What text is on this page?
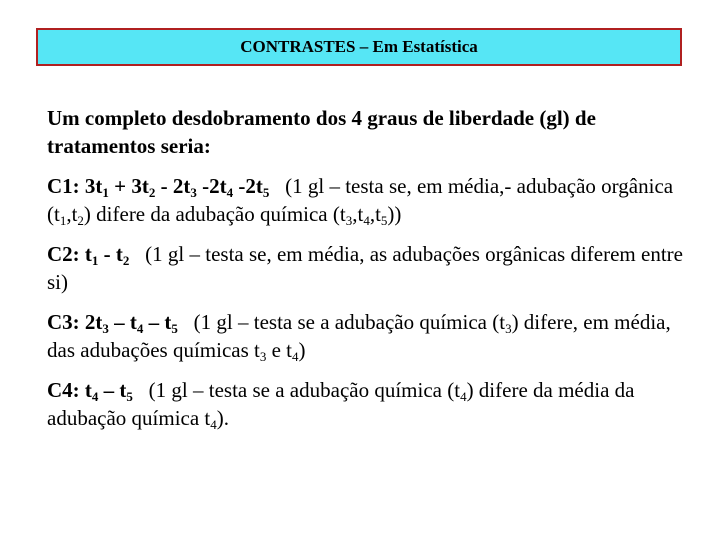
CONTRASTES – Em Estatística

Um completo desdobramento dos 4 graus de liberdade (gl) de tratamentos seria:

C1: $3t_1 + 3t_2 - 2t_3$ $-2t_4$ $-2t_5$ (1 gl – testa se, em média,- adubação orgânica $(t_1,t_2)$ difere da adubação química $(t_3,t_4,t_5)$)

C2: $t_1 - t_2$ (1 gl – testa se, em média, as adubações orgânicas diferem entre si)

C3: $2t_3 - t_4 - t_5$ (1 gl – testa se a adubação química $(t_3)$ difere, em média, das adubações químicas $t_3$ e $t_4$)

C4: $t_4 - t_5$ (1 gl – testa se a adubação química $(t_4)$ difere da média da adubação química $t_4$).
